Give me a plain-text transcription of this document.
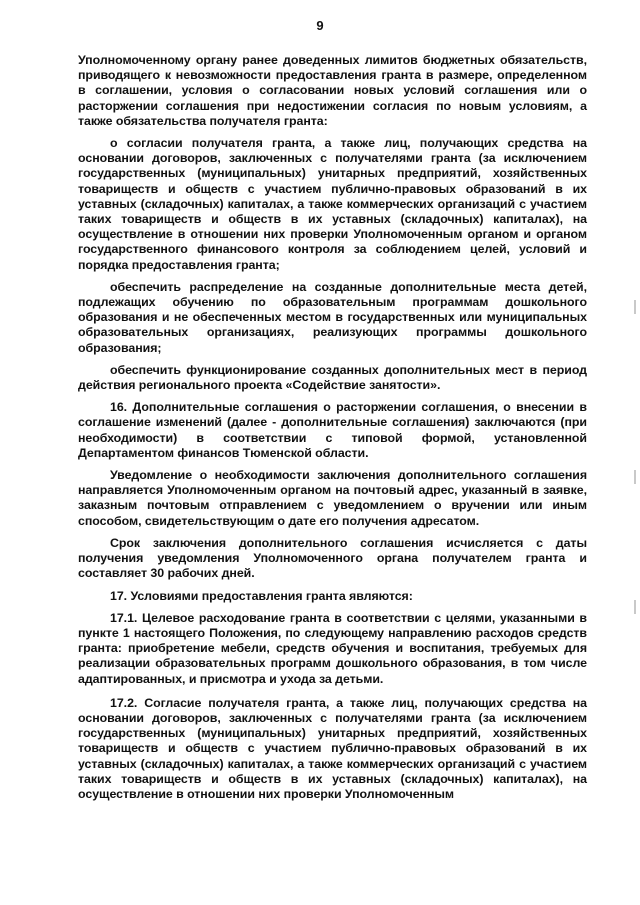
9

Уполномоченному органу ранее доведенных лимитов бюджетных обязательств, приводящего к невозможности предоставления гранта в размере, определенном в соглашении, условия о согласовании новых условий соглашения или о расторжении соглашения при недостижении согласия по новым условиям, а также обязательства получателя гранта:

о согласии получателя гранта, а также лиц, получающих средства на основании договоров, заключенных с получателями гранта (за исключением государственных (муниципальных) унитарных предприятий, хозяйственных товариществ и обществ с участием публично-правовых образований в их уставных (складочных) капиталах, а также коммерческих организаций с участием таких товариществ и обществ в их уставных (складочных) капиталах), на осуществление в отношении них проверки Уполномоченным органом и органом государственного финансового контроля за соблюдением целей, условий и порядка предоставления гранта;

обеспечить распределение на созданные дополнительные места детей, подлежащих обучению по образовательным программам дошкольного образования и не обеспеченных местом в государственных или муниципальных образовательных организациях, реализующих программы дошкольного образования;

обеспечить функционирование созданных дополнительных мест в период действия регионального проекта «Содействие занятости».

16. Дополнительные соглашения о расторжении соглашения, о внесении в соглашение изменений (далее - дополнительные соглашения) заключаются (при необходимости) в соответствии с типовой формой, установленной Департаментом финансов Тюменской области.

Уведомление о необходимости заключения дополнительного соглашения направляется Уполномоченным органом на почтовый адрес, указанный в заявке, заказным почтовым отправлением с уведомлением о вручении или иным способом, свидетельствующим о дате его получения адресатом.

Срок заключения дополнительного соглашения исчисляется с даты получения уведомления Уполномоченного органа получателем гранта и составляет 30 рабочих дней.

17. Условиями предоставления гранта являются:

17.1. Целевое расходование гранта в соответствии с целями, указанными в пункте 1 настоящего Положения, по следующему направлению расходов средств гранта: приобретение мебели, средств обучения и воспитания, требуемых для реализации образовательных программ дошкольного образования, в том числе адаптированных, и присмотра и ухода за детьми.

17.2. Согласие получателя гранта, а также лиц, получающих средства на основании договоров, заключенных с получателями гранта (за исключением государственных (муниципальных) унитарных предприятий, хозяйственных товариществ и обществ с участием публично-правовых образований в их уставных (складочных) капиталах, а также коммерческих организаций с участием таких товариществ и обществ в их уставных (складочных) капиталах), на осуществление в отношении них проверки Уполномоченным
